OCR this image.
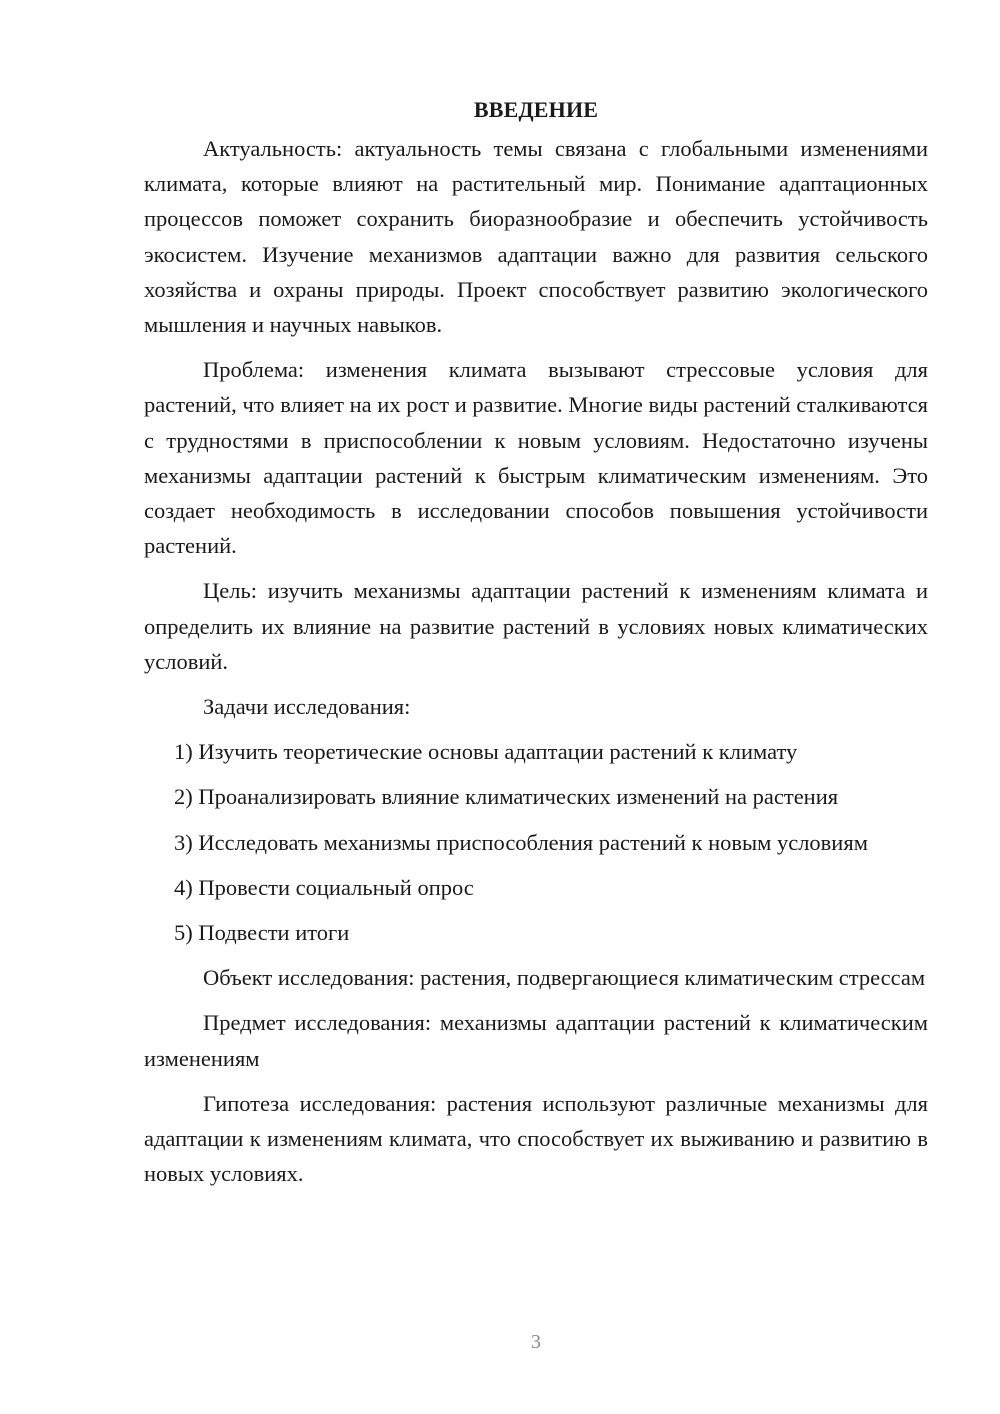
ВВЕДЕНИЕ

Актуальность: актуальность темы связана с глобальными изменениями климата, которые влияют на растительный мир. Понимание адаптационных процессов поможет сохранить биоразнообразие и обеспечить устойчивость экосистем. Изучение механизмов адаптации важно для развития сельского хозяйства и охраны природы. Проект способствует развитию экологического мышления и научных навыков.

Проблема: изменения климата вызывают стрессовые условия для растений, что влияет на их рост и развитие. Многие виды растений сталкиваются с трудностями в приспособлении к новым условиям. Недостаточно изучены механизмы адаптации растений к быстрым климатическим изменениям. Это создает необходимость в исследовании способов повышения устойчивости растений.

Цель: изучить механизмы адаптации растений к изменениям климата и определить их влияние на развитие растений в условиях новых климатических условий.

Задачи исследования:

1) Изучить теоретические основы адаптации растений к климату

2) Проанализировать влияние климатических изменений на растения

3) Исследовать механизмы приспособления растений к новым условиям

4) Провести социальный опрос

5) Подвести итоги

Объект исследования: растения, подвергающиеся климатическим стрессам

Предмет исследования: механизмы адаптации растений к климатическим изменениям

Гипотеза исследования: растения используют различные механизмы для адаптации к изменениям климата, что способствует их выживанию и развитию в новых условиях.

3
